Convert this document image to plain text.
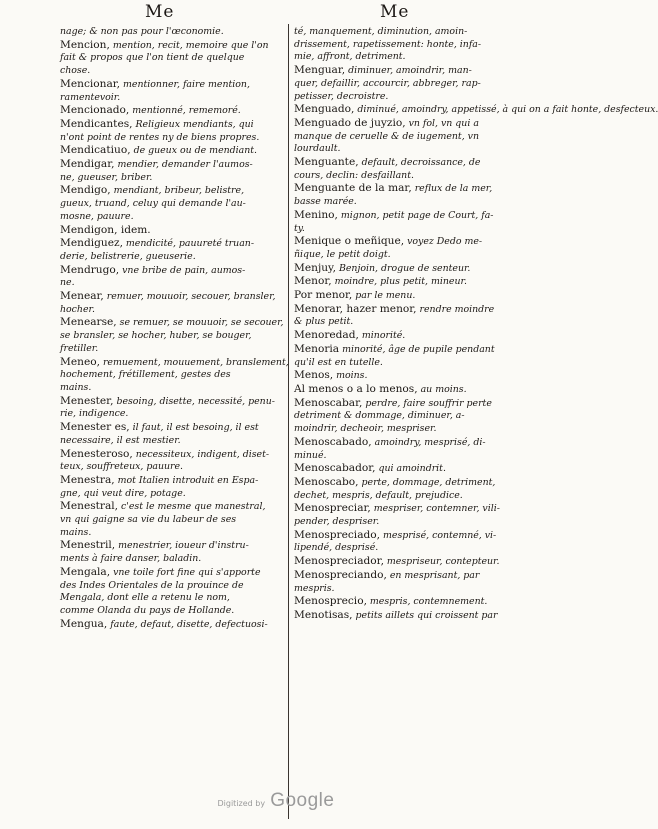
Me	Me

nage; & non pas pour l'œconomie.

Mencion, mention, recit, memoire que l'on

fait & propos que l'on tient de quelque

chose.

Mencionar, mentionner, faire mention,

ramentevoir.

Mencionado, mentionné, rememoré.

Mendicantes, Religieux mendiants, qui

n'ont point de rentes ny de biens propres.

Mendicatiuo, de gueux ou de mendiant.

Mendigar, mendier, demander l'aumos-

ne, gueuser, briber.

Mendigo, mendiant, bribeur, belistre,

gueux, truand, celuy qui demande l'au-

mosne, pauure.

Mendigon, idem.

Mendiguez, mendicité, pauureté truan-

derie, belistrerie, gueuserie.

Mendrugo, vne bribe de pain, aumos-

ne.

Menear, remuer, mouuoir, secouer, bransler,

hocher.

Menearse, se remuer, se mouuoir, se secouer,

se bransler, se hocher, huber, se bouger,

fretiller.

Meneo, remuement, mouuement, branslement,

hochement, frétillement, gestes des

mains.

Menester, besoing, disette, necessité, penu-

rie, indigence.

Menester es, il faut, il est besoing, il est

necessaire, il est mestier.

Menesteroso, necessiteux, indigent, diset-

teux, souffreteux, pauure.

Menestra, mot Italien introduit en Espa-

gne, qui veut dire, potage.

Menestral, c'est le mesme que manestral,

vn qui gaigne sa vie du labeur de ses

mains.

Menestril, menestrier, ioueur d'instru-

ments à faire danser, baladin.

Mengala, vne toile fort fine qui s'apporte

des Indes Orientales de la prouince de

Mengala, dont elle a retenu le nom,

comme Olanda du pays de Hollande.

Mengua, faute, defaut, disette, defectuosi-

té, manquement, diminution, amoin-

drissement, rapetissement: honte, infa-

mie, affront, detriment.

Menguar, diminuer, amoindrir, man-

quer, defaillir, accourcir, abbreger, rap-

petisser, decroistre.

Menguado, diminué, amoindry, appetissé, à qui on a fait honte, desfecteux.

Menguado de juyzio, vn fol, vn qui a

manque de ceruelle & de iugement, vn

lourdault.

Menguante, default, decroissance, de

cours, declin: desfaillant.

Menguante de la mar, reflux de la mer,

basse marée.

Menino, mignon, petit page de Court, fa-

ty.

Menique o meñique, voyez Dedo me-

ñique, le petit doigt.

Menjuy, Benjoin, drogue de senteur.

Menor, moindre, plus petit, mineur.

Por menor, par le menu.

Menorar, hazer menor, rendre moindre

& plus petit.

Menoredad, minorité.

Menoria minorité, âge de pupile pendant

qu'il est en tutelle.

Menos, moins.

Al menos o a lo menos, au moins.

Menoscabar, perdre, faire souffrir perte

detriment & dommage, diminuer, a-

moindrir, decheoir, mespriser.

Menoscabado, amoindry, mesprisé, di-

minué.

Menoscabador, qui amoindrit.

Menoscabo, perte, dommage, detriment,

dechet, mespris, default, prejudice.

Menospreciar, mespriser, contemner, vili-

pender, despriser.

Menospreciado, mesprisé, contemné, vi-

lipendé, desprisé.

Menospreciador, mespriseur, contepteur.

Menospreciando, en mesprisant, par

mespris.

Menosprecio, mespris, contemnement.

Menotisas, petits aillets qui croissent par

Digitized by Google
